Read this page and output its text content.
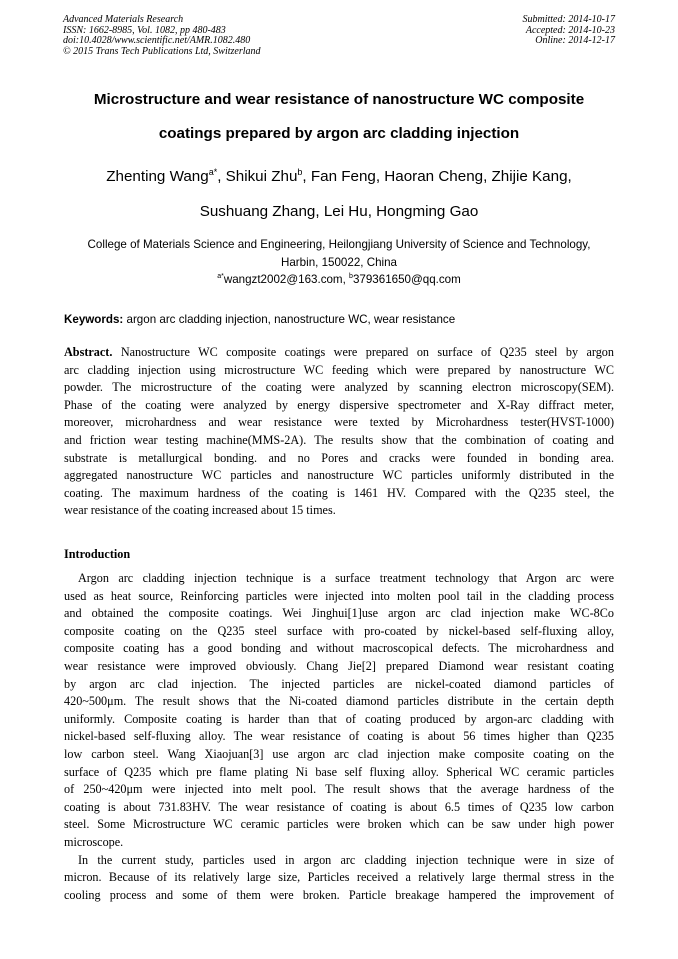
Advanced Materials Research
ISSN: 1662-8985, Vol. 1082, pp 480-483
doi:10.4028/www.scientific.net/AMR.1082.480
© 2015 Trans Tech Publications Ltd, Switzerland
Submitted: 2014-10-17
Accepted: 2014-10-23
Online: 2014-12-17
Microstructure and wear resistance of nanostructure WC composite
coatings prepared by argon arc cladding injection
Zhenting Wang$^{a*}$, Shikui Zhu$^b$, Fan Feng, Haoran Cheng, Zhijie Kang,
Sushuang Zhang, Lei Hu, Hongming Gao
College of Materials Science and Engineering, Heilongjiang University of Science and Technology,
Harbin, 150022, China
$^{a*}$wangzt2002@163.com, $^b$379361650@qq.com
Keywords: argon arc cladding injection, nanostructure WC, wear resistance
Abstract. Nanostructure WC composite coatings were prepared on surface of Q235 steel by argon
arc cladding injection using microstructure WC feeding which were prepared by nanostructure WC
powder. The microstructure of the coating were analyzed by scanning electron microscopy(SEM).
Phase of the coating were analyzed by energy dispersive spectrometer and X-Ray diffract meter,
moreover, microhardness and wear resistance were texted by Microhardness tester(HVST-1000)
and friction wear testing machine(MMS-2A). The results show that the combination of coating and
substrate is metallurgical bonding. and no Pores and cracks were founded in bonding area.
aggregated nanostructure WC particles and nanostructure WC particles uniformly distributed in the
coating. The maximum hardness of the coating is 1461 HV. Compared with the Q235 steel, the
wear resistance of the coating increased about 15 times.
Introduction
Argon arc cladding injection technique is a surface treatment technology that Argon arc were
used as heat source, Reinforcing particles were injected into molten pool tail in the cladding process
and obtained the composite coatings. Wei Jinghui[1]use argon arc clad injection make WC-8Co
composite coating on the Q235 steel surface with pro-coated by nickel-based self-fluxing alloy,
composite coating has a good bonding and without macroscopical defects. The microhardness and
wear resistance were improved obviously. Chang Jie[2] prepared Diamond wear resistant coating
by argon arc clad injection. The injected particles are nickel-coated diamond particles of
420~500μm. The result shows that the Ni-coated diamond particles distribute in the certain depth
uniformly. Composite coating is harder than that of coating produced by argon-arc cladding with
nickel-based self-fluxing alloy. The wear resistance of coating is about 56 times higher than Q235
low carbon steel. Wang Xiaojuan[3] use argon arc clad injection make composite coating on the
surface of Q235 which pre flame plating Ni base self fluxing alloy. Spherical WC ceramic particles
of 250~420μm were injected into melt pool. The result shows that the average hardness of the
coating is about 731.83HV. The wear resistance of coating is about 6.5 times of Q235 low carbon
steel. Some Microstructure WC ceramic particles were broken which can be saw under high power
microscope.
In the current study, particles used in argon arc cladding injection technique were in size of
micron. Because of its relatively large size, Particles received a relatively large thermal stress in the
cooling process and some of them were broken. Particle breakage hampered the improvement of
